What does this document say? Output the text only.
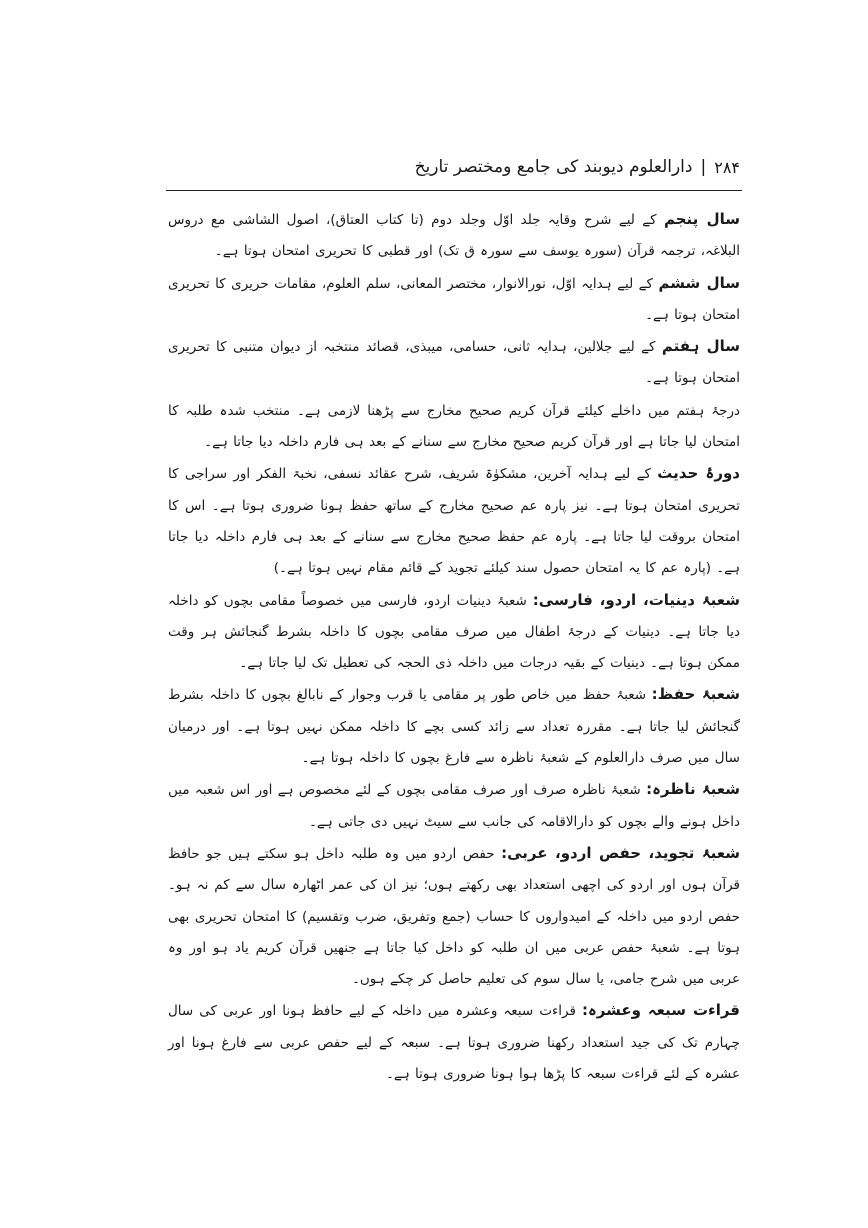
۲۸۴
|
دارالعلوم دیوبند کی جامع ومختصر تاریخ

سال پنجم کے لیے شرح وقایہ جلد اوّل وجلد دوم (تا کتاب العتاق)، اصول الشاشی مع دروس البلاغہ، ترجمہ قرآن (سورہ یوسف سے سورہ ق تک) اور قطبی کا تحریری امتحان ہوتا ہے۔

سال ششم کے لیے ہدایہ اوّل، نورالانوار، مختصر المعانی، سلم العلوم، مقامات حریری کا تحریری امتحان ہوتا ہے۔

سال ہفتم کے لیے جلالین، ہدایہ ثانی، حسامی، میبذی، قصائد منتخبہ از دیوان متنبی کا تحریری امتحان ہوتا ہے۔

درجۂ ہفتم میں داخلے کیلئے قرآن کریم صحیح مخارج سے پڑھنا لازمی ہے۔ منتخب شدہ طلبہ کا امتحان لیا جاتا ہے اور قرآن کریم صحیح مخارج سے سنانے کے بعد ہی فارم داخلہ دیا جاتا ہے۔

دورۂ حدیث کے لیے ہدایہ آخرین، مشکوٰۃ شریف، شرح عقائد نسفی، نخبۃ الفکر اور سراجی کا تحریری امتحان ہوتا ہے۔ نیز پارہ عم صحیح مخارج کے ساتھ حفظ ہونا ضروری ہوتا ہے۔ اس کا امتحان بروقت لیا جاتا ہے۔ پارہ عم حفظ صحیح مخارج سے سنانے کے بعد ہی فارم داخلہ دیا جاتا ہے۔ (پارہ عم کا یہ امتحان حصول سند کیلئے تجوید کے قائم مقام نہیں ہوتا ہے۔)

شعبۂ دینیات، اردو، فارسی: شعبۂ دینیات اردو، فارسی میں خصوصاً مقامی بچوں کو داخلہ دیا جاتا ہے۔ دینیات کے درجۂ اطفال میں صرف مقامی بچوں کا داخلہ بشرط گنجائش ہر وقت ممکن ہوتا ہے۔ دینیات کے بقیہ درجات میں داخلہ ذی الحجہ کی تعطیل تک لیا جاتا ہے۔

شعبۂ حفظ: شعبۂ حفظ میں خاص طور پر مقامی یا قرب وجوار کے نابالغ بچوں کا داخلہ بشرط گنجائش لیا جاتا ہے۔ مقررہ تعداد سے زائد کسی بچے کا داخلہ ممکن نہیں ہوتا ہے۔ اور درمیان سال میں صرف دارالعلوم کے شعبۂ ناظرہ سے فارغ بچوں کا داخلہ ہوتا ہے۔

شعبۂ ناظرہ: شعبۂ ناظرہ صرف اور صرف مقامی بچوں کے لئے مخصوص ہے اور اس شعبہ میں داخل ہونے والے بچوں کو دارالاقامہ کی جانب سے سیٹ نہیں دی جاتی ہے۔

شعبۂ تجوید، حفص اردو، عربی: حفص اردو میں وہ طلبہ داخل ہو سکتے ہیں جو حافظ قرآن ہوں اور اردو کی اچھی استعداد بھی رکھتے ہوں؛ نیز ان کی عمر اٹھارہ سال سے کم نہ ہو۔ حفص اردو میں داخلہ کے امیدواروں کا حساب (جمع وتفریق، ضرب وتقسیم) کا امتحان تحریری بھی ہوتا ہے۔ شعبۂ حفص عربی میں ان طلبہ کو داخل کیا جاتا ہے جنھیں قرآن کریم یاد ہو اور وہ عربی میں شرح جامی، یا سال سوم کی تعلیم حاصل کر چکے ہوں۔

قراءت سبعہ وعشرہ: قراءت سبعہ وعشرہ میں داخلہ کے لیے حافظ ہونا اور عربی کی سال چہارم تک کی جید استعداد رکھنا ضروری ہوتا ہے۔ سبعہ کے لیے حفص عربی سے فارغ ہونا اور عشرہ کے لئے قراءت سبعہ کا پڑھا ہوا ہونا ضروری ہوتا ہے۔
